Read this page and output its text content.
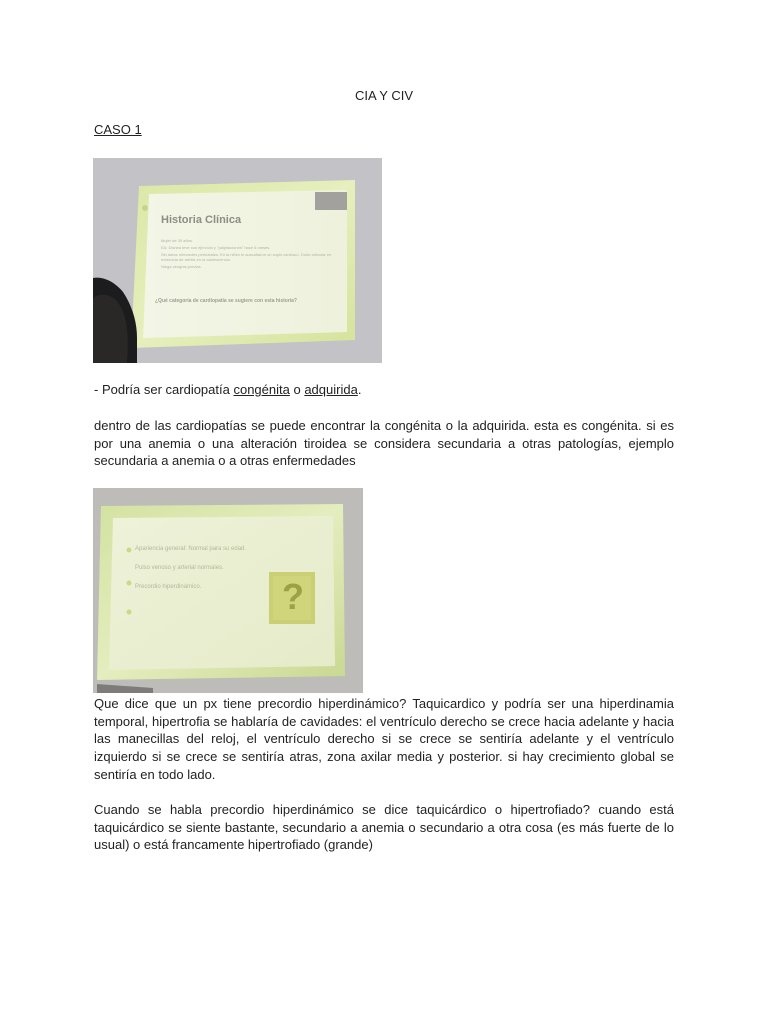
CIA Y CIV
CASO 1
Historia Clínica
Mujer de 39 años.
EA: Disnea leve con ejercicio y "palpitaciones" hace 6 meses.
Sin datos relevantes perinatales. En la niñez le auscultaron un soplo cardíaco. Dolor articular en evidencia de artritis en la adolescencia.
Niega cirugías previas.
¿Qué categoría de cardiopatía se sugiere con esta historia?
- Podría ser cardiopatía congénita o adquirida.

dentro de las cardiopatías se puede encontrar la congénita o la adquirida. esta es congénita. si es por una anemia o una alteración tiroidea se considera secundaria a otras patologías, ejemplo secundaria a anemia o a otras enfermedades

Apariencia general: Normal para su edad.
Pulso venoso y arterial normales.
Precordio hiperdinámico.	?

Que dice que un px tiene precordio hiperdinámico? Taquicardico y podría ser una hiperdinamia temporal, hipertrofia se hablaría de cavidades: el ventrículo derecho se crece hacia adelante y hacia las manecillas del reloj, el ventrículo derecho si se crece se sentiría adelante y el ventrículo izquierdo si se crece se sentiría atras, zona axilar media y posterior. si hay crecimiento global se sentiría en todo lado.

Cuando se habla precordio hiperdinámico se dice taquicárdico o hipertrofiado? cuando está taquicárdico se siente bastante, secundario a anemia o secundario a otra cosa (es más fuerte de lo usual) o está francamente hipertrofiado (grande)
